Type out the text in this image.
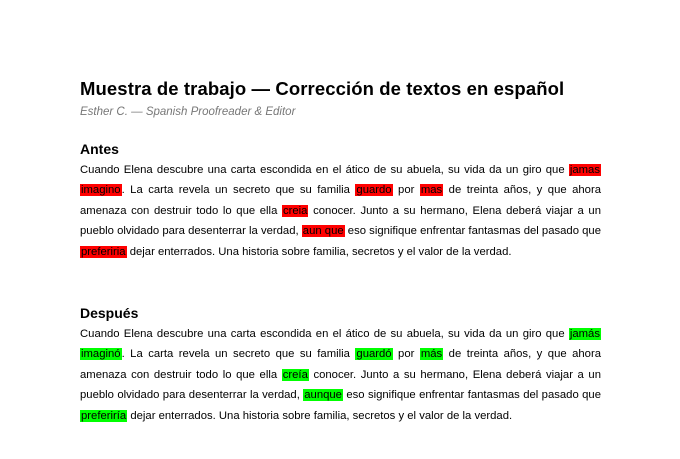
Muestra de trabajo — Corrección de textos en español

Esther C. — Spanish Proofreader & Editor

Antes

Cuando Elena descubre una carta escondida en el ático de su abuela, su vida da un giro que jamas imagino. La carta revela un secreto que su familia guardo por mas de treinta años, y que ahora amenaza con destruir todo lo que ella creia conocer. Junto a su hermano, Elena deberá viajar a un pueblo olvidado para desenterrar la verdad, aun que eso signifique enfrentar fantasmas del pasado que preferiria dejar enterrados. Una historia sobre familia, secretos y el valor de la verdad.

Después

Cuando Elena descubre una carta escondida en el ático de su abuela, su vida da un giro que jamás imaginó. La carta revela un secreto que su familia guardó por más de treinta años, y que ahora amenaza con destruir todo lo que ella creía conocer. Junto a su hermano, Elena deberá viajar a un pueblo olvidado para desenterrar la verdad, aunque eso signifique enfrentar fantasmas del pasado que preferiría dejar enterrados. Una historia sobre familia, secretos y el valor de la verdad.
